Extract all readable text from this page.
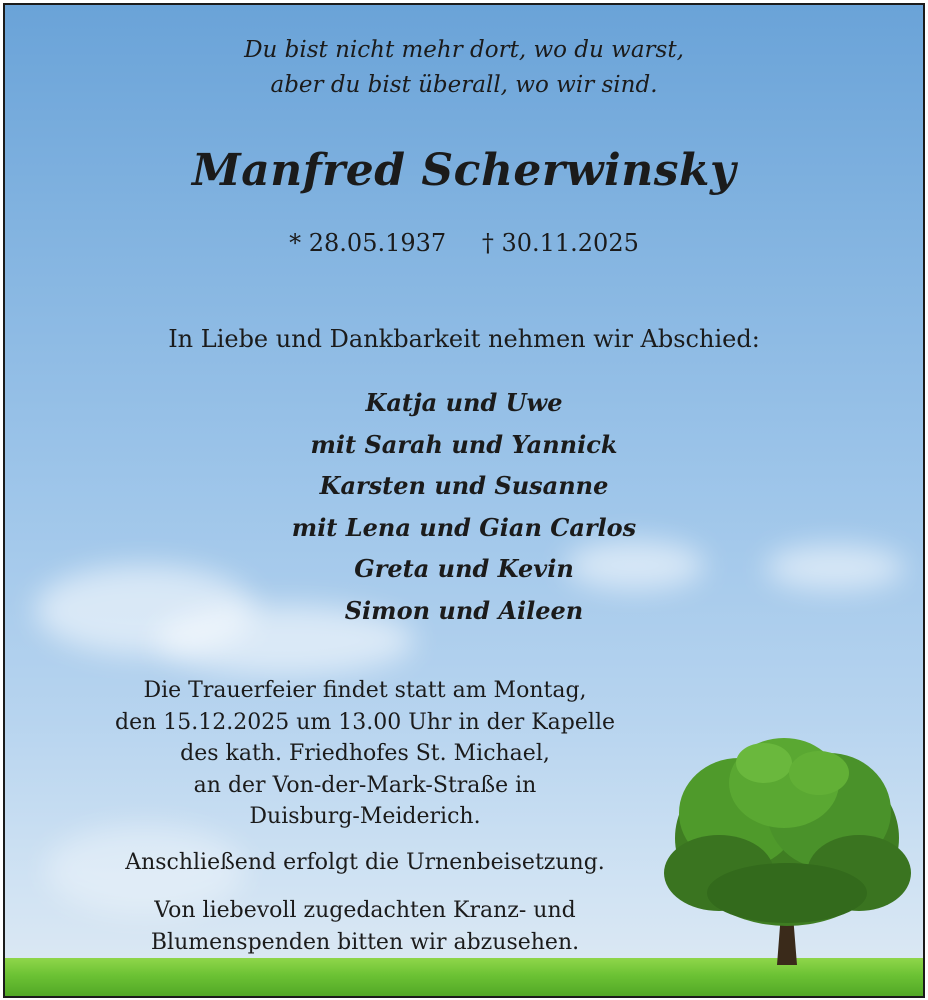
Du bist nicht mehr dort, wo du warst,
aber du bist überall, wo wir sind.
Manfred Scherwinsky
* 28.05.1937 † 30.11.2025
In Liebe und Dankbarkeit nehmen wir Abschied:
Katja und Uwe
mit Sarah und Yannick
Karsten und Susanne
mit Lena und Gian Carlos
Greta und Kevin
Simon und Aileen
Die Trauerfeier findet statt am Montag,
den 15.12.2025 um 13.00 Uhr in der Kapelle
des kath. Friedhofes St. Michael,
an der Von-der-Mark-Straße in
Duisburg-Meiderich.
Anschließend erfolgt die Urnenbeisetzung.
Von liebevoll zugedachten Kranz- und
Blumenspenden bitten wir abzusehen.
